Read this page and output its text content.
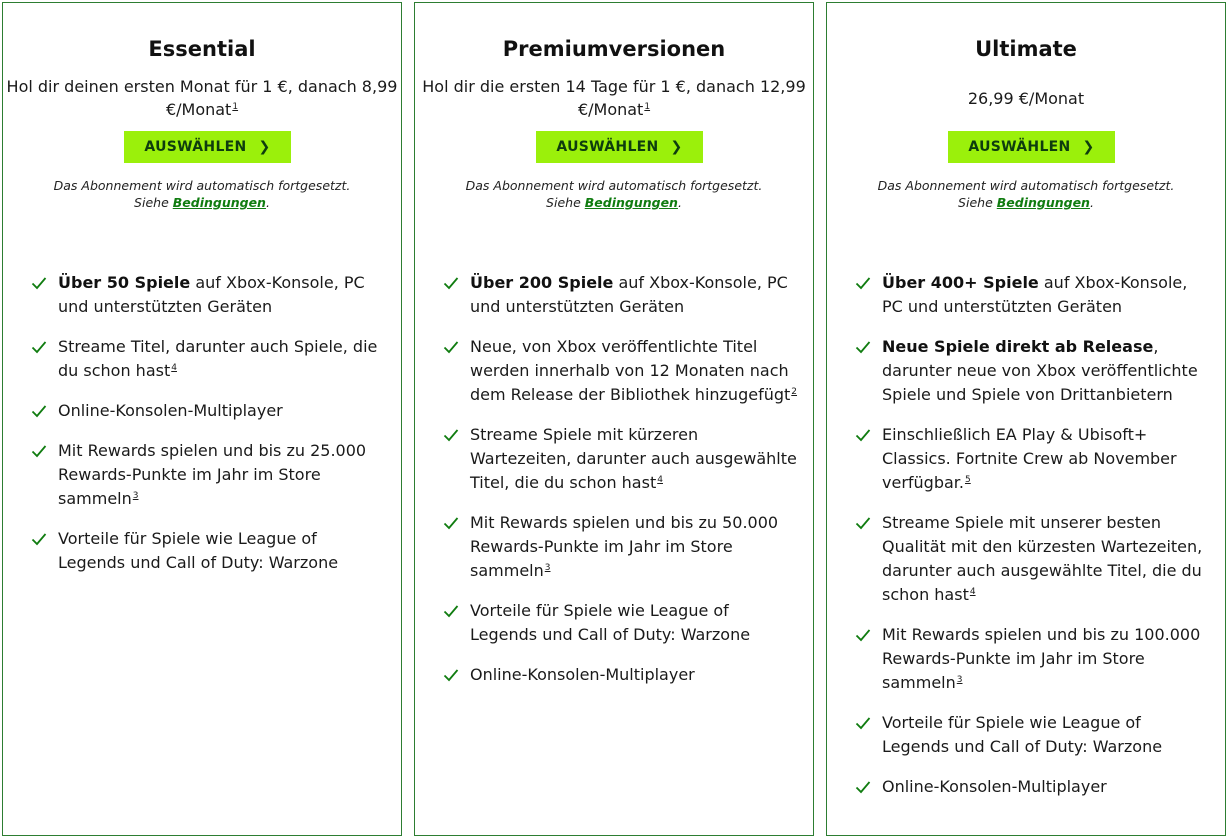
Essential
Hol dir deinen ersten Monat für 1 €, danach 8,99 €/Monat$^1$
AUSWÄHLEN ❯
Das Abonnement wird automatisch fortgesetzt.
Siehe Bedingungen.
Über 50 Spiele auf Xbox-Konsole, PC und unterstützten Geräten
Streame Titel, darunter auch Spiele, die du schon hast$^4$
Online-Konsolen-Multiplayer
Mit Rewards spielen und bis zu 25.000 Rewards-Punkte im Jahr im Store sammeln$^3$
Vorteile für Spiele wie League of Legends und Call of Duty: Warzone
Premiumversionen
Hol dir die ersten 14 Tage für 1 €, danach 12,99 €/Monat$^1$
AUSWÄHLEN ❯
Das Abonnement wird automatisch fortgesetzt.
Siehe Bedingungen.
Über 200 Spiele auf Xbox-Konsole, PC und unterstützten Geräten
Neue, von Xbox veröffentlichte Titel werden innerhalb von 12 Monaten nach dem Release der Bibliothek hinzugefügt$^2$
Streame Spiele mit kürzeren Wartezeiten, darunter auch ausgewählte Titel, die du schon hast$^4$
Mit Rewards spielen und bis zu 50.000 Rewards-Punkte im Jahr im Store sammeln$^3$
Vorteile für Spiele wie League of Legends und Call of Duty: Warzone
Online-Konsolen-Multiplayer
Ultimate
26,99 €/Monat
AUSWÄHLEN ❯
Das Abonnement wird automatisch fortgesetzt.
Siehe Bedingungen.
Über 400+ Spiele auf Xbox-Konsole, PC und unterstützten Geräten
Neue Spiele direkt ab Release, darunter neue von Xbox veröffentlichte Spiele und Spiele von Drittanbietern
Einschließlich EA Play & Ubisoft+ Classics. Fortnite Crew ab November verfügbar.$^5$
Streame Spiele mit unserer besten Qualität mit den kürzesten Wartezeiten, darunter auch ausgewählte Titel, die du schon hast$^4$
Mit Rewards spielen und bis zu 100.000 Rewards-Punkte im Jahr im Store sammeln$^3$
Vorteile für Spiele wie League of Legends und Call of Duty: Warzone
Online-Konsolen-Multiplayer
